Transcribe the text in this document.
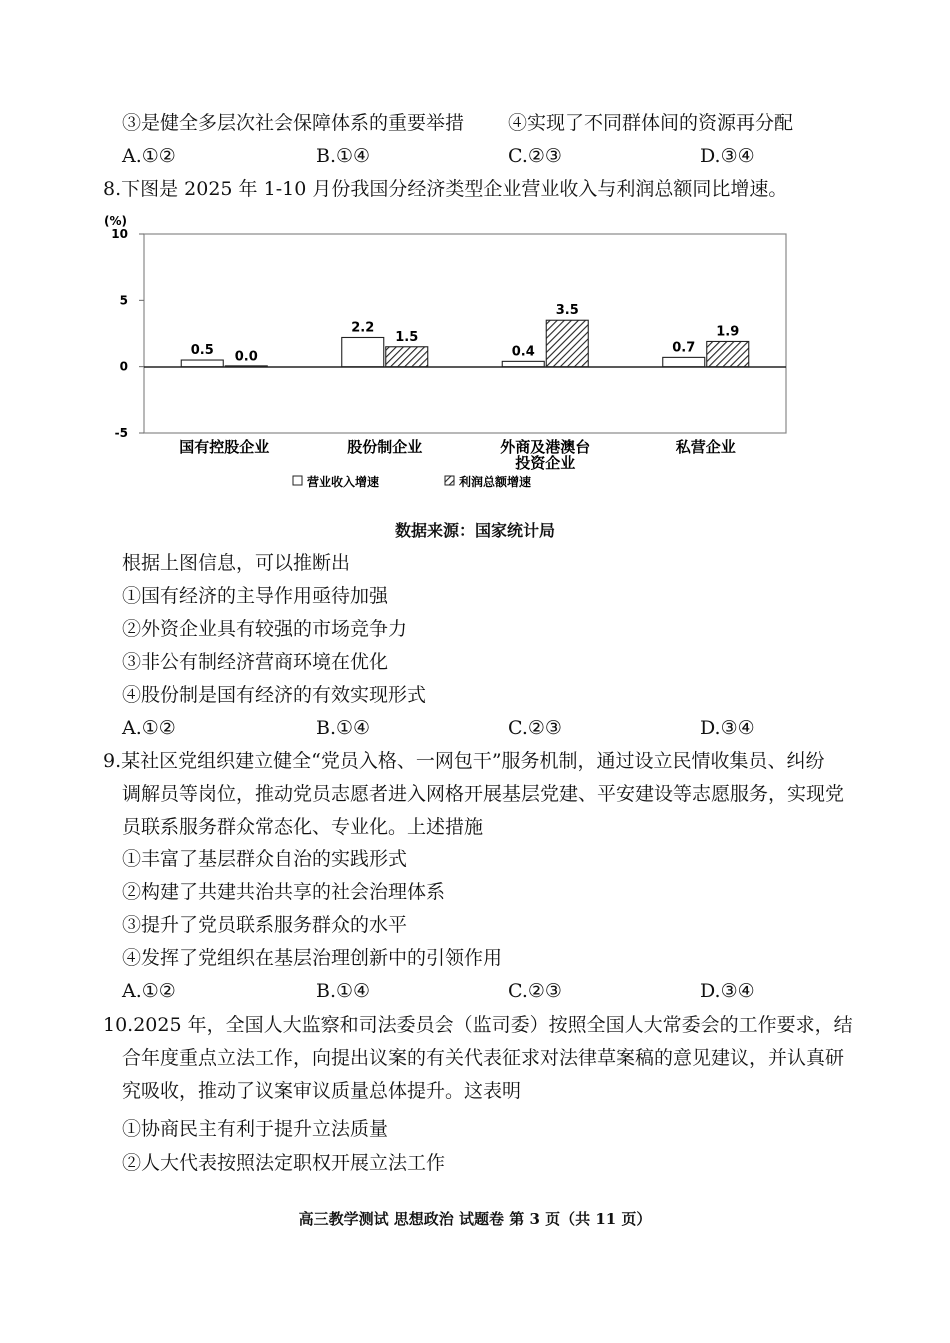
③是健全多层次社会保障体系的重要举措 ④实现了不同群体间的资源再分配
A.①②	B.①④	C.②③	D.③④
8.下图是 2025 年 1-10 月份我国分经济类型企业营业收入与利润总额同比增速。
(%)
10
5
0
-5
0.5
2.2
0.4	0.7
0.0
1.5
3.5
1.9
国有控股企业	股份制企业	外商及港澳台
投资企业
私营企业
营业收入增速	利润总额增速
数据来源：国家统计局
根据上图信息，可以推断出
①国有经济的主导作用亟待加强
②外资企业具有较强的市场竞争力
③非公有制经济营商环境在优化
④股份制是国有经济的有效实现形式
A.①②	B.①④	C.②③	D.③④
9.某社区党组织建立健全“党员入格、一网包干”服务机制，通过设立民情收集员、纠纷
调解员等岗位，推动党员志愿者进入网格开展基层党建、平安建设等志愿服务，实现党
员联系服务群众常态化、专业化。上述措施
①丰富了基层群众自治的实践形式
②构建了共建共治共享的社会治理体系
③提升了党员联系服务群众的水平
④发挥了党组织在基层治理创新中的引领作用
A.①②	B.①④	C.②③	D.③④
10.2025 年，全国人大监察和司法委员会（监司委）按照全国人大常委会的工作要求，结
合年度重点立法工作，向提出议案的有关代表征求对法律草案稿的意见建议，并认真研
究吸收，推动了议案审议质量总体提升。这表明
①协商民主有利于提升立法质量
②人大代表按照法定职权开展立法工作
高三教学测试 思想政治 试题卷 第 3 页（共 11 页）
